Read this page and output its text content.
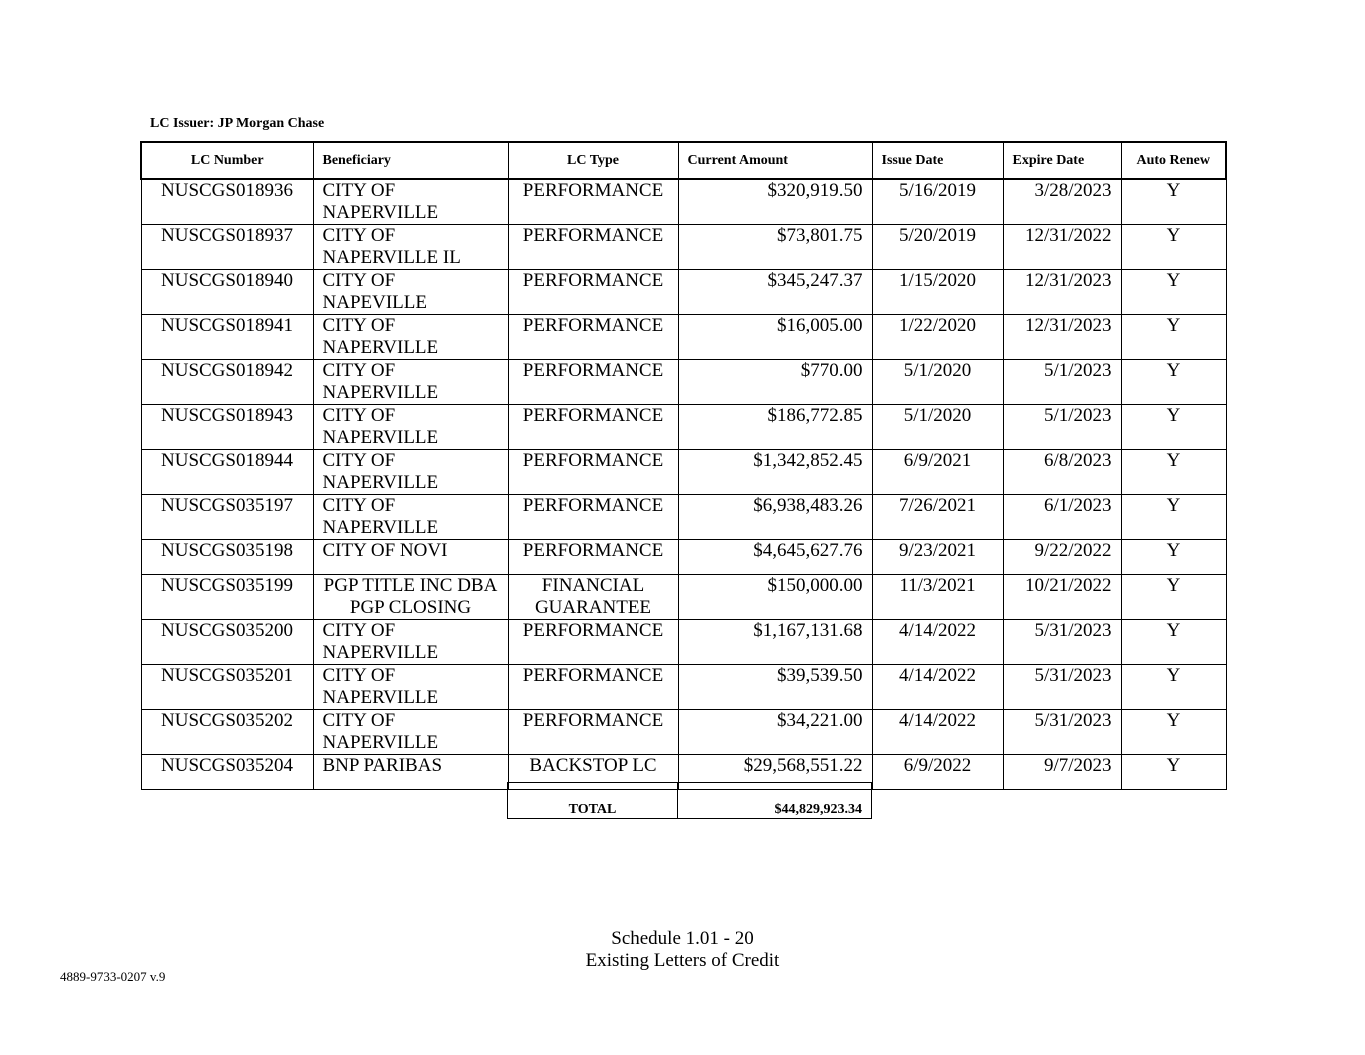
LC Issuer: JP Morgan Chase
LC Number	Beneficiary	LC Type	Current Amount	Issue Date	Expire Date	Auto Renew
NUSCGS018936	CITY OF NAPERVILLE	PERFORMANCE	$320,919.50	5/16/2019	3/28/2023	Y
NUSCGS018937	CITY OF NAPERVILLE IL	PERFORMANCE	$73,801.75	5/20/2019	12/31/2022	Y
NUSCGS018940	CITY OF NAPEVILLE	PERFORMANCE	$345,247.37	1/15/2020	12/31/2023	Y
NUSCGS018941	CITY OF NAPERVILLE	PERFORMANCE	$16,005.00	1/22/2020	12/31/2023	Y
NUSCGS018942	CITY OF NAPERVILLE	PERFORMANCE	$770.00	5/1/2020	5/1/2023	Y
NUSCGS018943	CITY OF NAPERVILLE	PERFORMANCE	$186,772.85	5/1/2020	5/1/2023	Y
NUSCGS018944	CITY OF NAPERVILLE	PERFORMANCE	$1,342,852.45	6/9/2021	6/8/2023	Y
NUSCGS035197	CITY OF NAPERVILLE	PERFORMANCE	$6,938,483.26	7/26/2021	6/1/2023	Y
NUSCGS035198	CITY OF NOVI	PERFORMANCE	$4,645,627.76	9/23/2021	9/22/2022	Y
NUSCGS035199	PGP TITLE INC DBA PGP CLOSING	FINANCIAL GUARANTEE	$150,000.00	11/3/2021	10/21/2022	Y
NUSCGS035200	CITY OF NAPERVILLE	PERFORMANCE	$1,167,131.68	4/14/2022	5/31/2023	Y
NUSCGS035201	CITY OF NAPERVILLE	PERFORMANCE	$39,539.50	4/14/2022	5/31/2023	Y
NUSCGS035202	CITY OF NAPERVILLE	PERFORMANCE	$34,221.00	4/14/2022	5/31/2023	Y
NUSCGS035204	BNP PARIBAS	BACKSTOP LC	$29,568,551.22	6/9/2022	9/7/2023	Y
TOTAL	$44,829,923.34
Schedule 1.01 - 20
Existing Letters of Credit
4889-9733-0207 v.9
